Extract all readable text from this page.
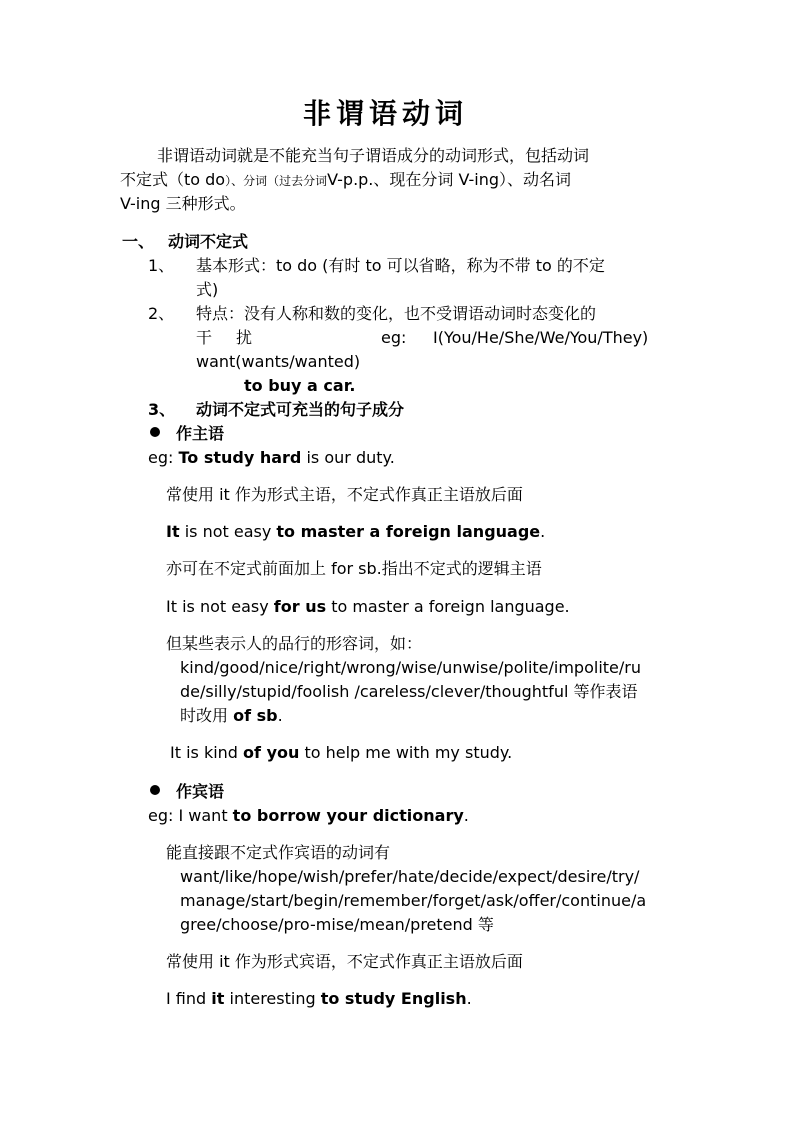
非谓语动词
非谓语动词就是不能充当句子谓语成分的动词形式，包括动词
不定式（to do）、分词（过去分词V-p.p.、现在分词 V-ing）、动名词
V-ing 三种形式。
一、 动词不定式
1、 基本形式：to do (有时 to 可以省略，称为不带 to 的不定
式)
2、 特点：没有人称和数的变化，也不受谓语动词时态变化的
干 扰	eg: I(You/He/She/We/You/They)
want(wants/wanted)
to buy a car.
3、 动词不定式可充当的句子成分
作主语
eg: To study hard is our duty.
常使用 it 作为形式主语，不定式作真正主语放后面
It is not easy to master a foreign language.
亦可在不定式前面加上 for sb.指出不定式的逻辑主语
It is not easy for us to master a foreign language.
但某些表示人的品行的形容词，如：
kind/good/nice/right/wrong/wise/unwise/polite/impolite/ru
de/silly/stupid/foolish /careless/clever/thoughtful 等作表语
时改用 of sb.
It is kind of you to help me with my study.
作宾语
eg: I want to borrow your dictionary.
能直接跟不定式作宾语的动词有
want/like/hope/wish/prefer/hate/decide/expect/desire/try/
manage/start/begin/remember/forget/ask/offer/continue/a
gree/choose/pro-mise/mean/pretend 等
常使用 it 作为形式宾语，不定式作真正主语放后面
I find it interesting to study English.
